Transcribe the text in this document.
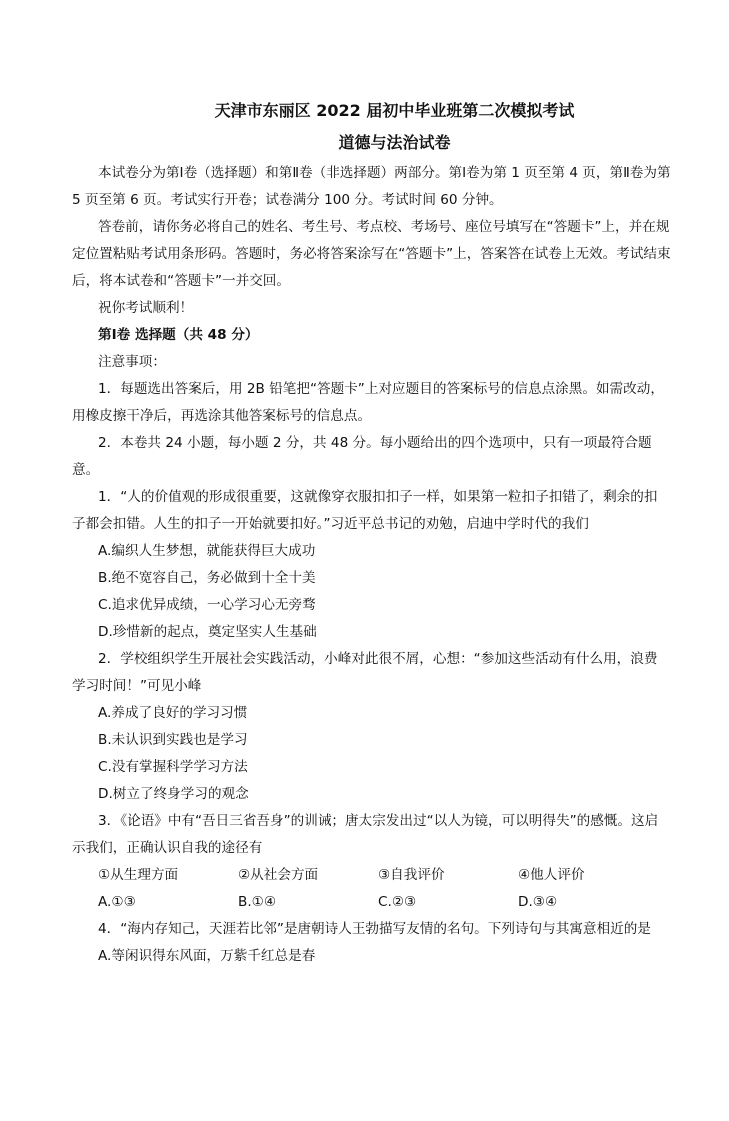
天津市东丽区 2022 届初中毕业班第二次模拟考试
道德与法治试卷

本试卷分为第Ⅰ卷（选择题）和第Ⅱ卷（非选择题）两部分。第Ⅰ卷为第 1 页至第 4 页，第Ⅱ卷为第 5 页至第 6 页。考试实行开卷；试卷满分 100 分。考试时间 60 分钟。

答卷前，请你务必将自己的姓名、考生号、考点校、考场号、座位号填写在“答题卡”上，并在规定位置粘贴考试用条形码。答题时，务必将答案涂写在“答题卡”上，答案答在试卷上无效。考试结束后，将本试卷和“答题卡”一并交回。

祝你考试顺利！

第Ⅰ卷 选择题（共 48 分）

注意事项：

1．每题选出答案后，用 2B 铅笔把“答题卡”上对应题目的答案标号的信息点涂黑。如需改动，用橡皮擦干净后，再选涂其他答案标号的信息点。

2．本卷共 24 小题，每小题 2 分，共 48 分。每小题给出的四个选项中，只有一项最符合题意。

1．“人的价值观的形成很重要，这就像穿衣服扣扣子一样，如果第一粒扣子扣错了，剩余的扣子都会扣错。人生的扣子一开始就要扣好。”习近平总书记的劝勉，启迪中学时代的我们

A.编织人生梦想，就能获得巨大成功

B.绝不宽容自己，务必做到十全十美

C.追求优异成绩，一心学习心无旁骛

D.珍惜新的起点，奠定坚实人生基础

2．学校组织学生开展社会实践活动，小峰对此很不屑，心想：“参加这些活动有什么用，浪费学习时间！”可见小峰

A.养成了良好的学习习惯

B.未认识到实践也是学习

C.没有掌握科学学习方法

D.树立了终身学习的观念

3．《论语》中有“吾日三省吾身”的训诫；唐太宗发出过“以人为镜，可以明得失”的感慨。这启示我们，正确认识自我的途径有

①从生理方面	②从社会方面	③自我评价	④他人评价
A.①③	B.①④	C.②③	D.③④

4．“海内存知己，天涯若比邻”是唐朝诗人王勃描写友情的名句。下列诗句与其寓意相近的是

A.等闲识得东风面，万紫千红总是春
